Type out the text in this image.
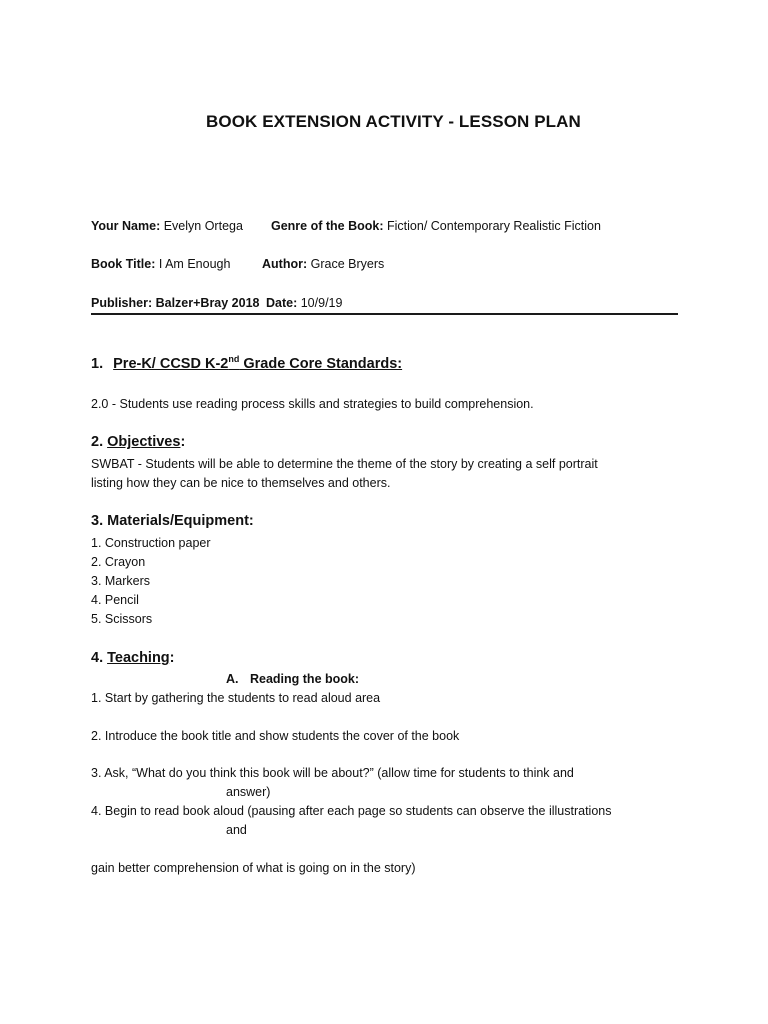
BOOK EXTENSION ACTIVITY - LESSON PLAN
Your Name: Evelyn Ortega Genre of the Book: Fiction/ Contemporary Realistic Fiction
Book Title: I Am Enough	Author: Grace Bryers
Publisher: Balzer+Bray 2018 Date: 10/9/19
1. Pre-K/ CCSD K-2nd Grade Core Standards:
2.0 - Students use reading process skills and strategies to build comprehension.
2. Objectives:
SWBAT - Students will be able to determine the theme of the story by creating a self portrait
listing how they can be nice to themselves and others.
3. Materials/Equipment:
1. Construction paper
2. Crayon
3. Markers
4. Pencil
5. Scissors
4. Teaching:
A. Reading the book:
1. Start by gathering the students to read aloud area
2. Introduce the book title and show students the cover of the book
3. Ask, “What do you think this book will be about?” (allow time for students to think and
answer)
4. Begin to read book aloud (pausing after each page so students can observe the illustrations
and
gain better comprehension of what is going on in the story)
